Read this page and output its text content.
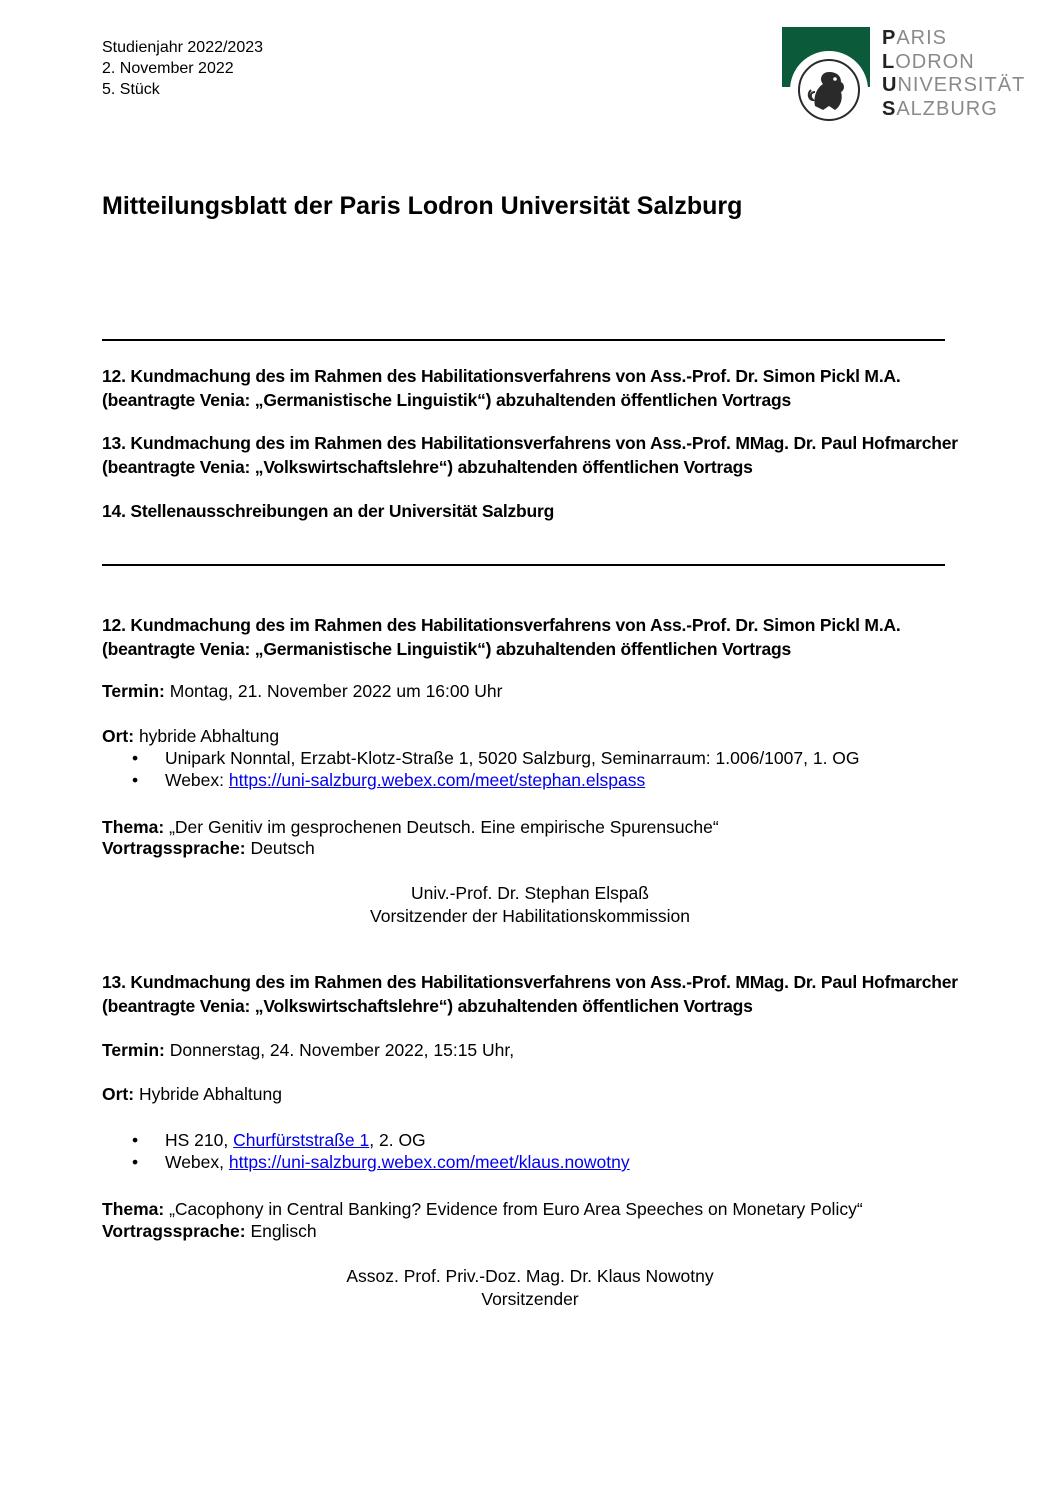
Studienjahr 2022/2023
2. November 2022
5. Stück
PARIS
LODRON
UNIVERSITÄT
SALZBURG
Mitteilungsblatt der Paris Lodron Universität Salzburg
12. Kundmachung des im Rahmen des Habilitationsverfahrens von Ass.-Prof. Dr. Simon Pickl M.A. (beantragte Venia: „Germanistische Linguistik“) abzuhaltenden öffentlichen Vortrags
13. Kundmachung des im Rahmen des Habilitationsverfahrens von Ass.-Prof. MMag. Dr. Paul Hofmarcher (beantragte Venia: „Volkswirtschaftslehre“) abzuhaltenden öffentlichen Vortrags
14. Stellenausschreibungen an der Universität Salzburg
12. Kundmachung des im Rahmen des Habilitationsverfahrens von Ass.-Prof. Dr. Simon Pickl M.A. (beantragte Venia: „Germanistische Linguistik“) abzuhaltenden öffentlichen Vortrags
Termin: Montag, 21. November 2022 um 16:00 Uhr
Ort: hybride Abhaltung
• Unipark Nonntal, Erzabt-Klotz-Straße 1, 5020 Salzburg, Seminarraum: 1.006/1007, 1. OG
• Webex: https://uni-salzburg.webex.com/meet/stephan.elspass
Thema: „Der Genitiv im gesprochenen Deutsch. Eine empirische Spurensuche“
Vortragssprache: Deutsch
Univ.-Prof. Dr. Stephan Elspaß
Vorsitzender der Habilitationskommission
13. Kundmachung des im Rahmen des Habilitationsverfahrens von Ass.-Prof. MMag. Dr. Paul Hofmarcher (beantragte Venia: „Volkswirtschaftslehre“) abzuhaltenden öffentlichen Vortrags
Termin: Donnerstag, 24. November 2022, 15:15 Uhr,
Ort: Hybride Abhaltung
• HS 210, Churfürststraße 1, 2. OG
• Webex, https://uni-salzburg.webex.com/meet/klaus.nowotny
Thema: „Cacophony in Central Banking? Evidence from Euro Area Speeches on Monetary Policy“
Vortragssprache: Englisch
Assoz. Prof. Priv.-Doz. Mag. Dr. Klaus Nowotny
Vorsitzender
